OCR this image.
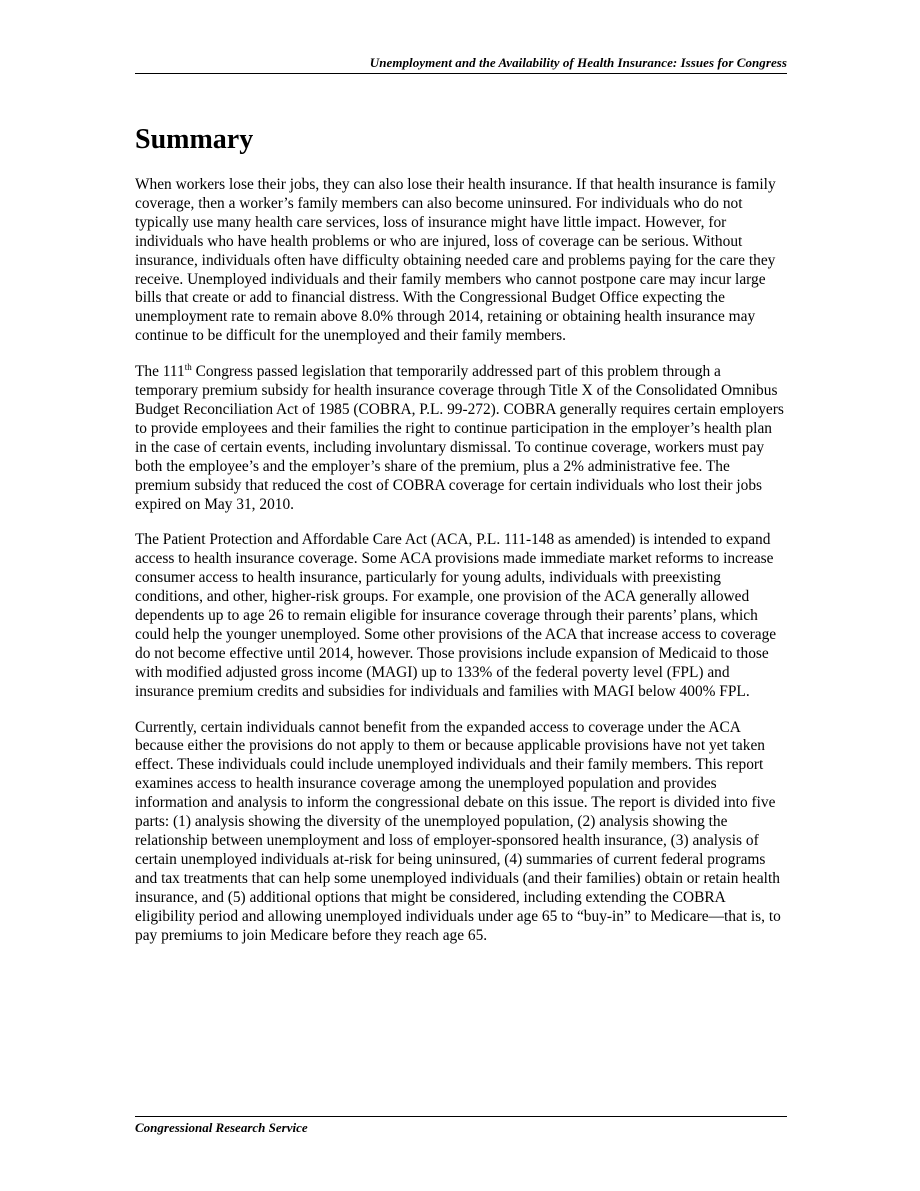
Unemployment and the Availability of Health Insurance: Issues for Congress
Summary

When workers lose their jobs, they can also lose their health insurance. If that health insurance is family coverage, then a worker’s family members can also become uninsured. For individuals who do not typically use many health care services, loss of insurance might have little impact. However, for individuals who have health problems or who are injured, loss of coverage can be serious. Without insurance, individuals often have difficulty obtaining needed care and problems paying for the care they receive. Unemployed individuals and their family members who cannot postpone care may incur large bills that create or add to financial distress. With the Congressional Budget Office expecting the unemployment rate to remain above 8.0% through 2014, retaining or obtaining health insurance may continue to be difficult for the unemployed and their family members.

The 111th Congress passed legislation that temporarily addressed part of this problem through a temporary premium subsidy for health insurance coverage through Title X of the Consolidated Omnibus Budget Reconciliation Act of 1985 (COBRA, P.L. 99-272). COBRA generally requires certain employers to provide employees and their families the right to continue participation in the employer’s health plan in the case of certain events, including involuntary dismissal. To continue coverage, workers must pay both the employee’s and the employer’s share of the premium, plus a 2% administrative fee. The premium subsidy that reduced the cost of COBRA coverage for certain individuals who lost their jobs expired on May 31, 2010.

The Patient Protection and Affordable Care Act (ACA, P.L. 111-148 as amended) is intended to expand access to health insurance coverage. Some ACA provisions made immediate market reforms to increase consumer access to health insurance, particularly for young adults, individuals with preexisting conditions, and other, higher-risk groups. For example, one provision of the ACA generally allowed dependents up to age 26 to remain eligible for insurance coverage through their parents’ plans, which could help the younger unemployed. Some other provisions of the ACA that increase access to coverage do not become effective until 2014, however. Those provisions include expansion of Medicaid to those with modified adjusted gross income (MAGI) up to 133% of the federal poverty level (FPL) and insurance premium credits and subsidies for individuals and families with MAGI below 400% FPL.

Currently, certain individuals cannot benefit from the expanded access to coverage under the ACA because either the provisions do not apply to them or because applicable provisions have not yet taken effect. These individuals could include unemployed individuals and their family members. This report examines access to health insurance coverage among the unemployed population and provides information and analysis to inform the congressional debate on this issue. The report is divided into five parts: (1) analysis showing the diversity of the unemployed population, (2) analysis showing the relationship between unemployment and loss of employer-sponsored health insurance, (3) analysis of certain unemployed individuals at-risk for being uninsured, (4) summaries of current federal programs and tax treatments that can help some unemployed individuals (and their families) obtain or retain health insurance, and (5) additional options that might be considered, including extending the COBRA eligibility period and allowing unemployed individuals under age 65 to “buy-in” to Medicare—that is, to pay premiums to join Medicare before they reach age 65.

Congressional Research Service
